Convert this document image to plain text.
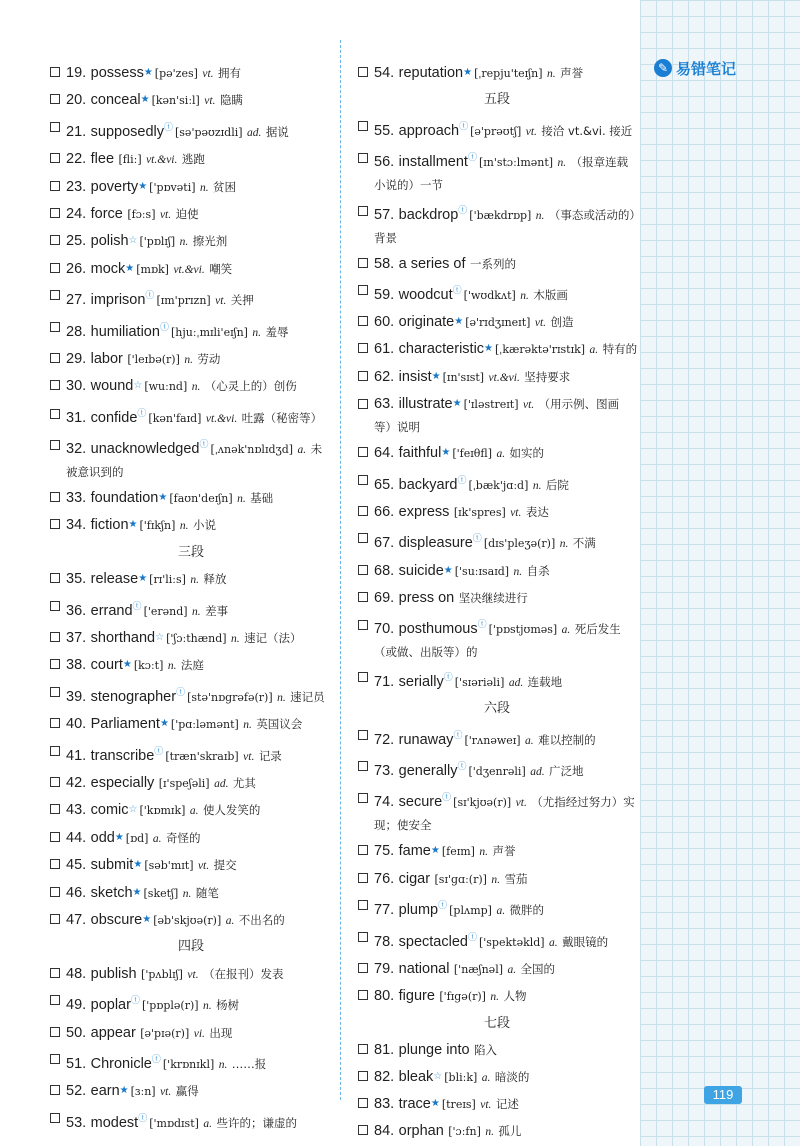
✎ 易错笔记
19. possess★ [pə'zes] vt. 拥有
20. conceal★ [kən'siːl] vt. 隐瞒
21. supposedlyⓣ [sə'pəʊzɪdli] ad. 据说
22. flee [fliː] vt.&vi. 逃跑
23. poverty★ ['pɒvəti] n. 贫困
24. force [fɔːs] vt. 迫使
25. polish☆ ['pɒlɪʃ] n. 擦光剂
26. mock★ [mɒk] vt.&vi. 嘲笑
27. imprisonⓣ [ɪm'prɪzn] vt. 关押
28. humiliationⓣ [hjuːˌmɪli'eɪʃn] n. 羞辱
29. labor ['leɪbə(r)] n. 劳动
30. wound☆ [wuːnd] n. （心灵上的）创伤
31. confideⓣ [kən'faɪd] vt.&vi. 吐露（秘密等）
32. unacknowledgedⓣ [ˌʌnək'nɒlɪdʒd] a. 未被意识到的
33. foundation★ [faʊn'deɪʃn] n. 基础
34. fiction★ ['fɪkʃn] n. 小说
三段
35. release★ [rɪ'liːs] n. 释放
36. errandⓣ ['erənd] n. 差事
37. shorthand☆ ['ʃɔːthænd] n. 速记（法）
38. court★ [kɔːt] n. 法庭
39. stenographerⓣ [stə'nɒgrəfə(r)] n. 速记员
40. Parliament★ ['pɑːləmənt] n. 英国议会
41. transcribeⓣ [træn'skraɪb] vt. 记录
42. especially [ɪ'speʃəli] ad. 尤其
43. comic☆ ['kɒmɪk] a. 使人发笑的
44. odd★ [ɒd] a. 奇怪的
45. submit★ [səb'mɪt] vt. 提交
46. sketch★ [sketʃ] n. 随笔
47. obscure★ [əb'skjʊə(r)] a. 不出名的
四段
48. publish ['pʌblɪʃ] vt. （在报刊）发表
49. poplarⓣ ['pɒplə(r)] n. 杨树
50. appear [ə'pɪə(r)] vi. 出现
51. Chronicleⓣ ['krɒnɪkl] n. ……报
52. earn★ [ɜːn] vt. 赢得
53. modestⓣ ['mɒdɪst] a. 些许的；谦虚的
54. reputation★ [ˌrepju'teɪʃn] n. 声誉
五段
55. approachⓣ [ə'prəʊtʃ] vt. 接洽 vt.&vi. 接近
56. installmentⓣ [ɪn'stɔːlmənt] n. （报章连载小说的）一节
57. backdropⓣ ['bækdrɒp] n. （事态或活动的）背景
58. a series of 一系列的
59. woodcutⓣ ['wʊdkʌt] n. 木版画
60. originate★ [ə'rɪdʒɪneɪt] vt. 创造
61. characteristic★ [ˌkærəktə'rɪstɪk] a. 特有的
62. insist★ [ɪn'sɪst] vt.&vi. 坚持要求
63. illustrate★ ['ɪləstreɪt] vt. （用示例、图画等）说明
64. faithful★ ['feɪθfl] a. 如实的
65. backyardⓣ [ˌbæk'jɑːd] n. 后院
66. express [ɪk'spres] vt. 表达
67. displeasureⓣ [dɪs'pleʒə(r)] n. 不满
68. suicide★ ['suːɪsaɪd] n. 自杀
69. press on 坚决继续进行
70. posthumousⓣ ['pɒstjʊməs] a. 死后发生（或做、出版等）的
71. seriallyⓣ ['sɪəriəli] ad. 连载地
六段
72. runawayⓣ ['rʌnəweɪ] a. 难以控制的
73. generallyⓣ ['dʒenrəli] ad. 广泛地
74. secureⓣ [sɪ'kjʊə(r)] vt. （尤指经过努力）实现；使安全
75. fame★ [feɪm] n. 声誉
76. cigar [sɪ'gɑː(r)] n. 雪茄
77. plumpⓣ [plʌmp] a. 微胖的
78. spectacledⓣ ['spektəkld] a. 戴眼镜的
79. national ['næʃnəl] a. 全国的
80. figure ['fɪgə(r)] n. 人物
七段
81. plunge into 陷入
82. bleak☆ [bliːk] a. 暗淡的
83. trace★ [treɪs] vt. 记述
84. orphan ['ɔːfn] n. 孤儿
119
